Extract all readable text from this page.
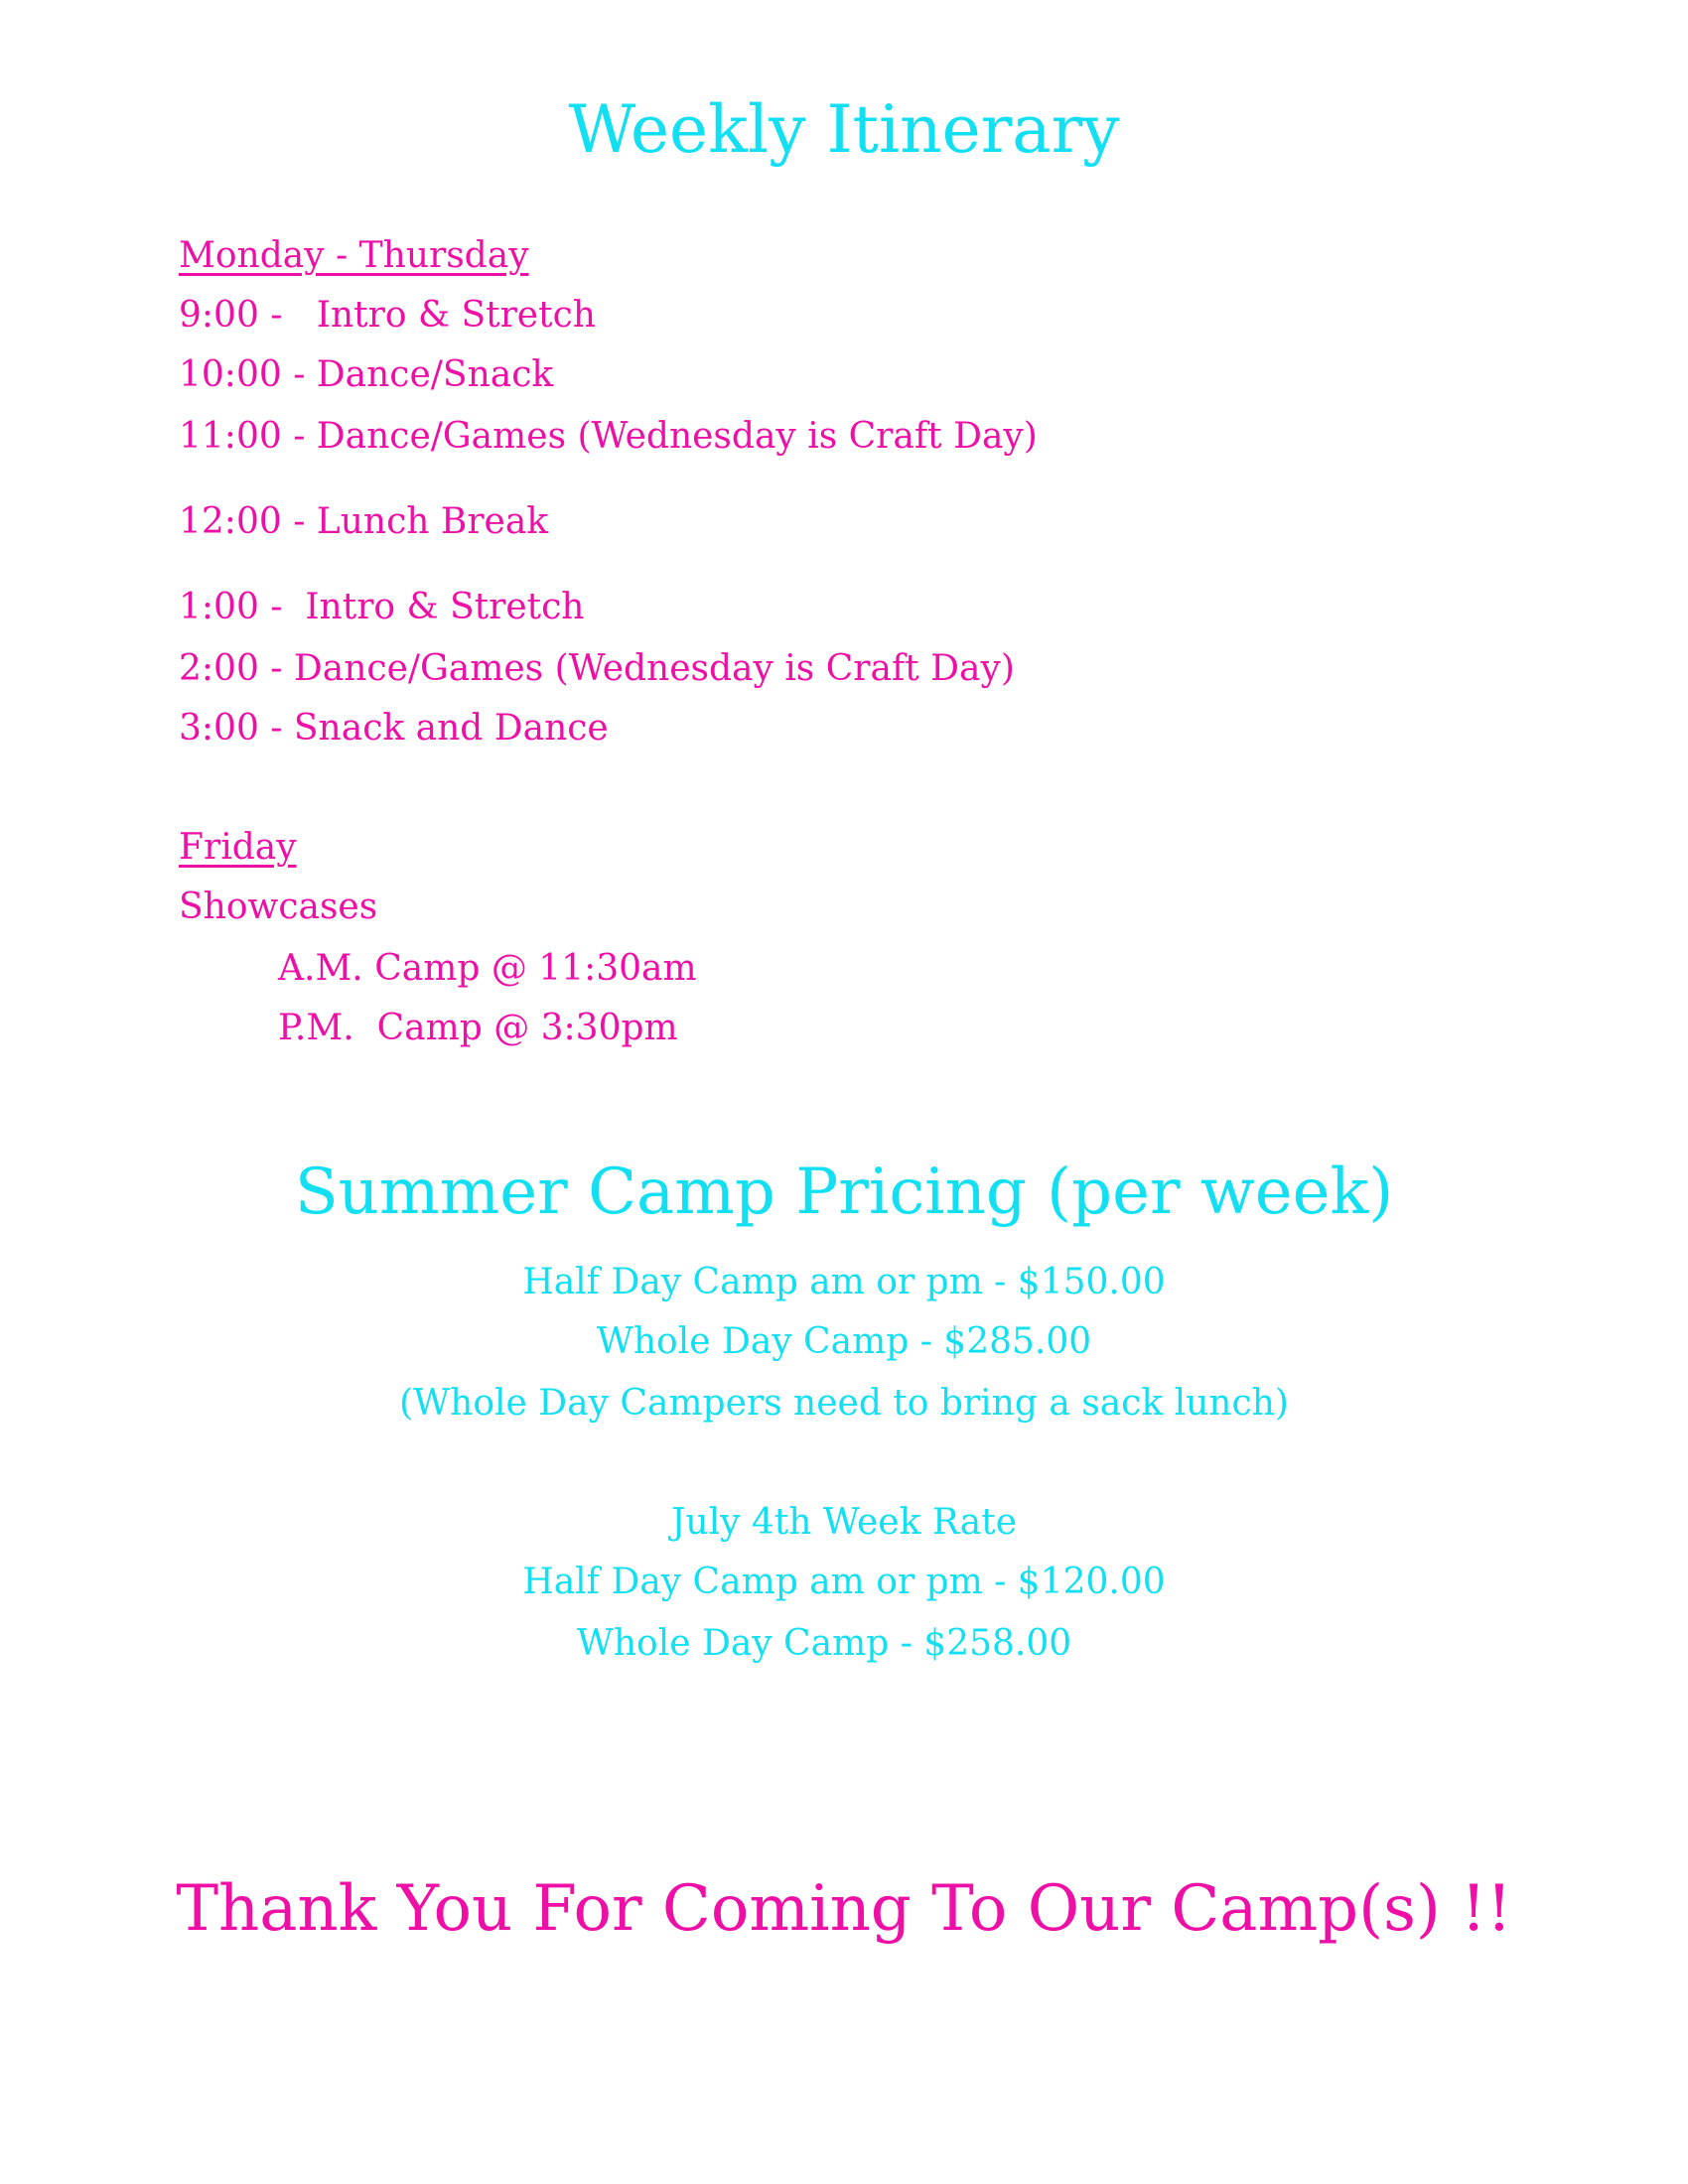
Weekly Itinerary

Monday - Thursday

9:00 -   Intro & Stretch

10:00 - Dance/Snack

11:00 - Dance/Games (Wednesday is Craft Day)

12:00 - Lunch Break

1:00 -  Intro & Stretch

2:00 - Dance/Games (Wednesday is Craft Day)

3:00 - Snack and Dance

Friday

Showcases

A.M. Camp @ 11:30am

P.M.  Camp @ 3:30pm

Summer Camp Pricing (per week)

Half Day Camp am or pm - $150.00

Whole Day Camp - $285.00

(Whole Day Campers need to bring a sack lunch)

July 4th Week Rate

Half Day Camp am or pm - $120.00

Whole Day Camp - $258.00

Thank You For Coming To Our Camp(s) !!
